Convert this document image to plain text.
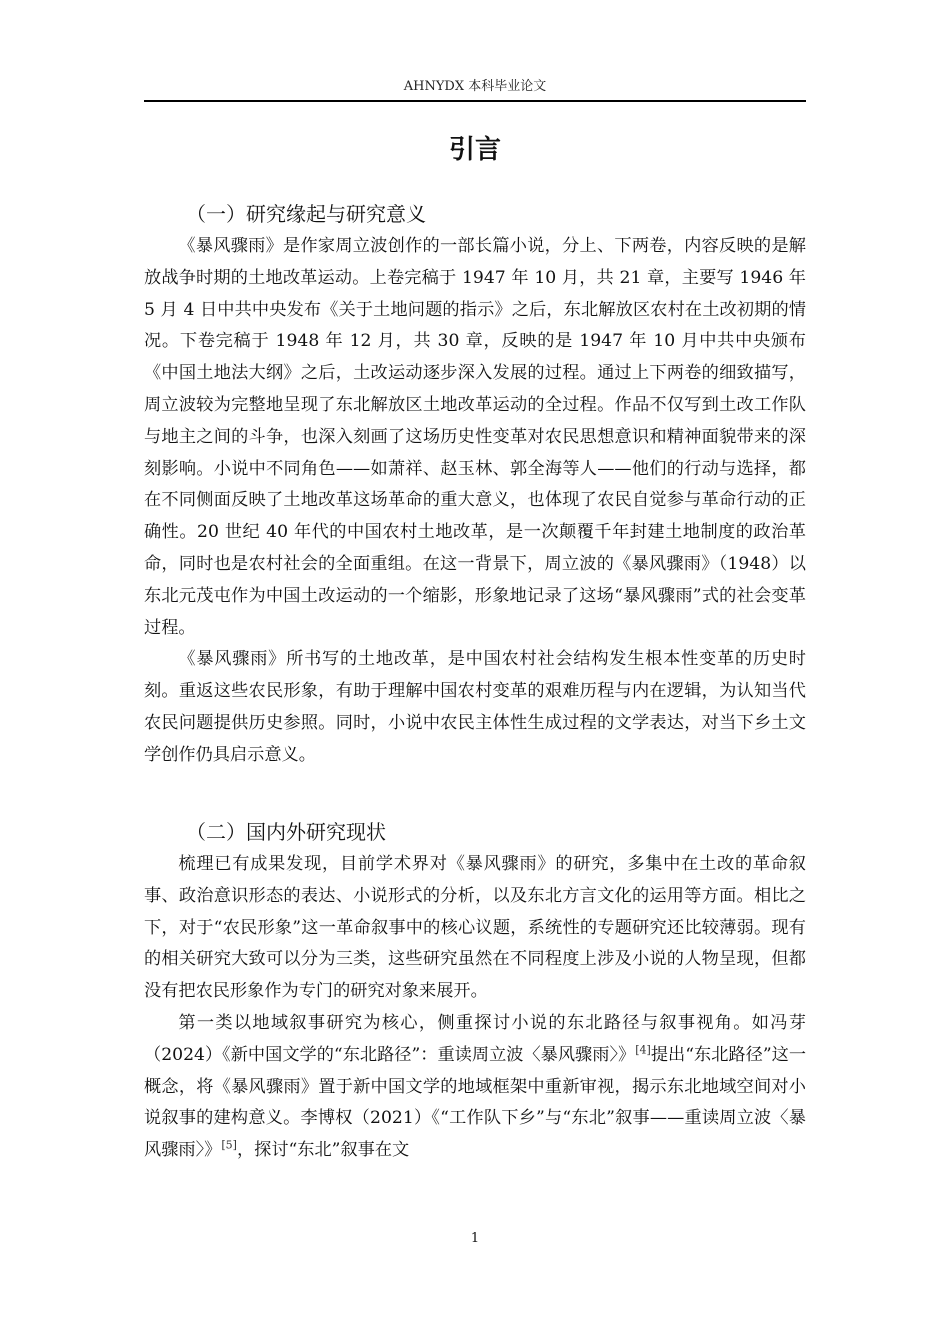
AHNYDX 本科毕业论文
引言
（一）研究缘起与研究意义

《暴风骤雨》是作家周立波创作的一部长篇小说，分上、下两卷，内容反映的是解放战争时期的土地改革运动。上卷完稿于 1947 年 10 月，共 21 章，主要写 1946 年 5 月 4 日中共中央发布《关于土地问题的指示》之后，东北解放区农村在土改初期的情况。下卷完稿于 1948 年 12 月，共 30 章，反映的是 1947 年 10 月中共中央颁布《中国土地法大纲》之后，土改运动逐步深入发展的过程。通过上下两卷的细致描写，周立波较为完整地呈现了东北解放区土地改革运动的全过程。作品不仅写到土改工作队与地主之间的斗争，也深入刻画了这场历史性变革对农民思想意识和精神面貌带来的深刻影响。小说中不同角色——如萧祥、赵玉林、郭全海等人——他们的行动与选择，都在不同侧面反映了土地改革这场革命的重大意义，也体现了农民自觉参与革命行动的正确性。20 世纪 40 年代的中国农村土地改革，是一次颠覆千年封建土地制度的政治革命，同时也是农村社会的全面重组。在这一背景下，周立波的《暴风骤雨》（1948）以东北元茂屯作为中国土改运动的一个缩影，形象地记录了这场“暴风骤雨”式的社会变革过程。

《暴风骤雨》所书写的土地改革，是中国农村社会结构发生根本性变革的历史时刻。重返这些农民形象，有助于理解中国农村变革的艰难历程与内在逻辑，为认知当代农民问题提供历史参照。同时，小说中农民主体性生成过程的文学表达，对当下乡土文学创作仍具启示意义。

（二）国内外研究现状

梳理已有成果发现，目前学术界对《暴风骤雨》的研究，多集中在土改的革命叙事、政治意识形态的表达、小说形式的分析，以及东北方言文化的运用等方面。相比之下，对于“农民形象”这一革命叙事中的核心议题，系统性的专题研究还比较薄弱。现有的相关研究大致可以分为三类，这些研究虽然在不同程度上涉及小说的人物呈现，但都没有把农民形象作为专门的研究对象来展开。

第一类以地域叙事研究为核心，侧重探讨小说的东北路径与叙事视角。如冯芽（2024）《新中国文学的“东北路径”：重读周立波〈暴风骤雨〉》[4]提出“东北路径”这一概念，将《暴风骤雨》置于新中国文学的地域框架中重新审视，揭示东北地域空间对小说叙事的建构意义。李博权（2021）《“工作队下乡”与“东北”叙事——重读周立波〈暴风骤雨〉》[5]，探讨“东北”叙事在文

1
